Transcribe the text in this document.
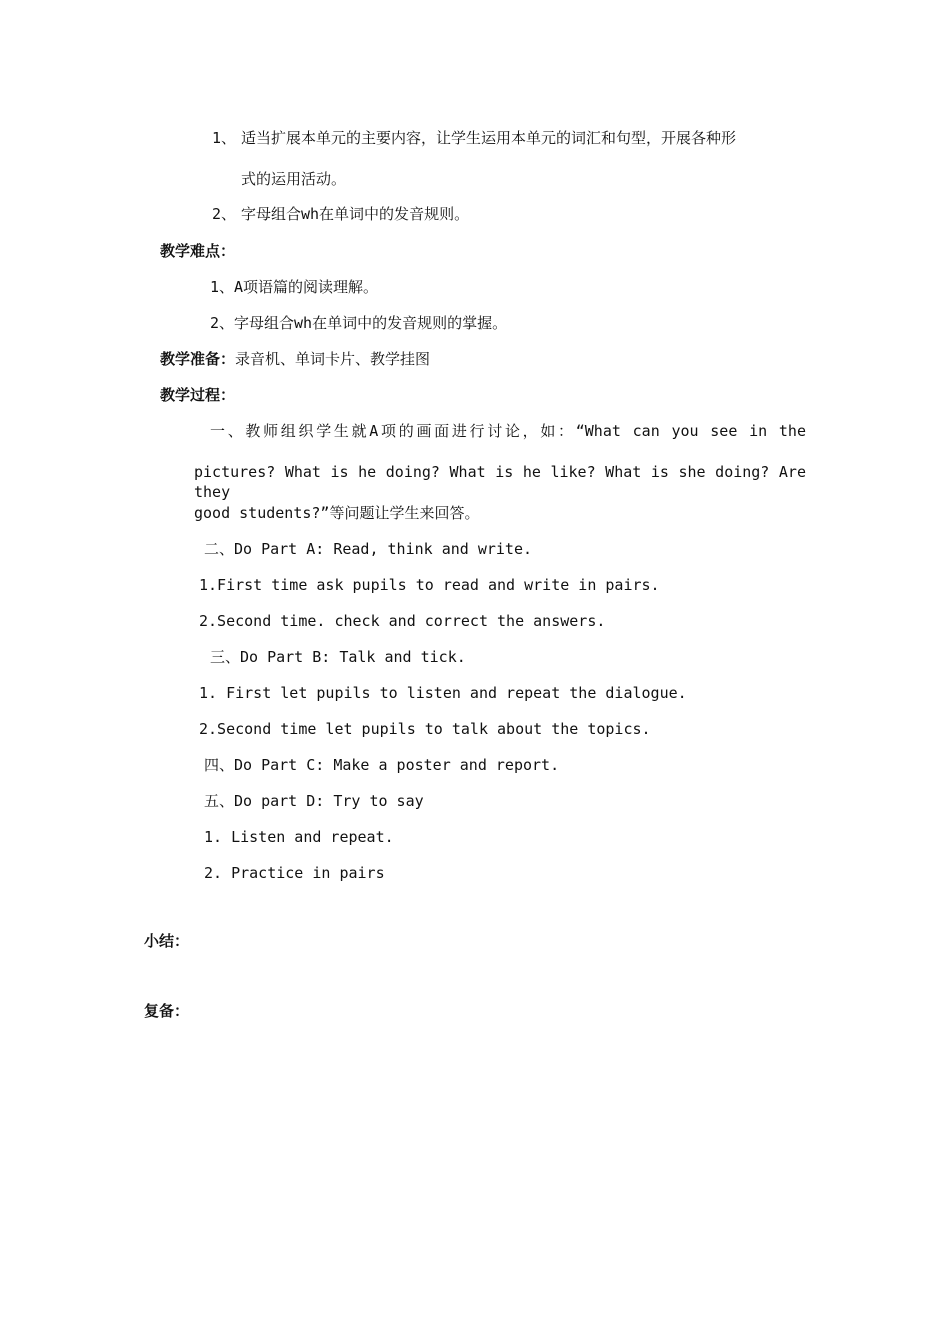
1、 适当扩展本单元的主要内容，让学生运用本单元的词汇和句型，开展各种形
式的运用活动。
2、 字母组合wh在单词中的发音规则。
教学难点：
1、A项语篇的阅读理解。
2、字母组合wh在单词中的发音规则的掌握。
教学准备：录音机、单词卡片、教学挂图
教学过程：
一、教师组织学生就A项的画面进行讨论，如：“What can you see in the
pictures? What is he doing? What is he like? What is she doing? Are they
good students?”等问题让学生来回答。
二、Do Part A: Read, think and write.
1.First time ask pupils to read and write in pairs.
2.Second time. check and correct the answers.
三、Do Part B: Talk and tick.
1. First let pupils to listen and repeat the dialogue.
2.Second time let pupils to talk about the topics.
四、Do Part C: Make a poster and report.
五、Do part D: Try to say
1. Listen and repeat.
2. Practice in pairs
小结：
复备：
